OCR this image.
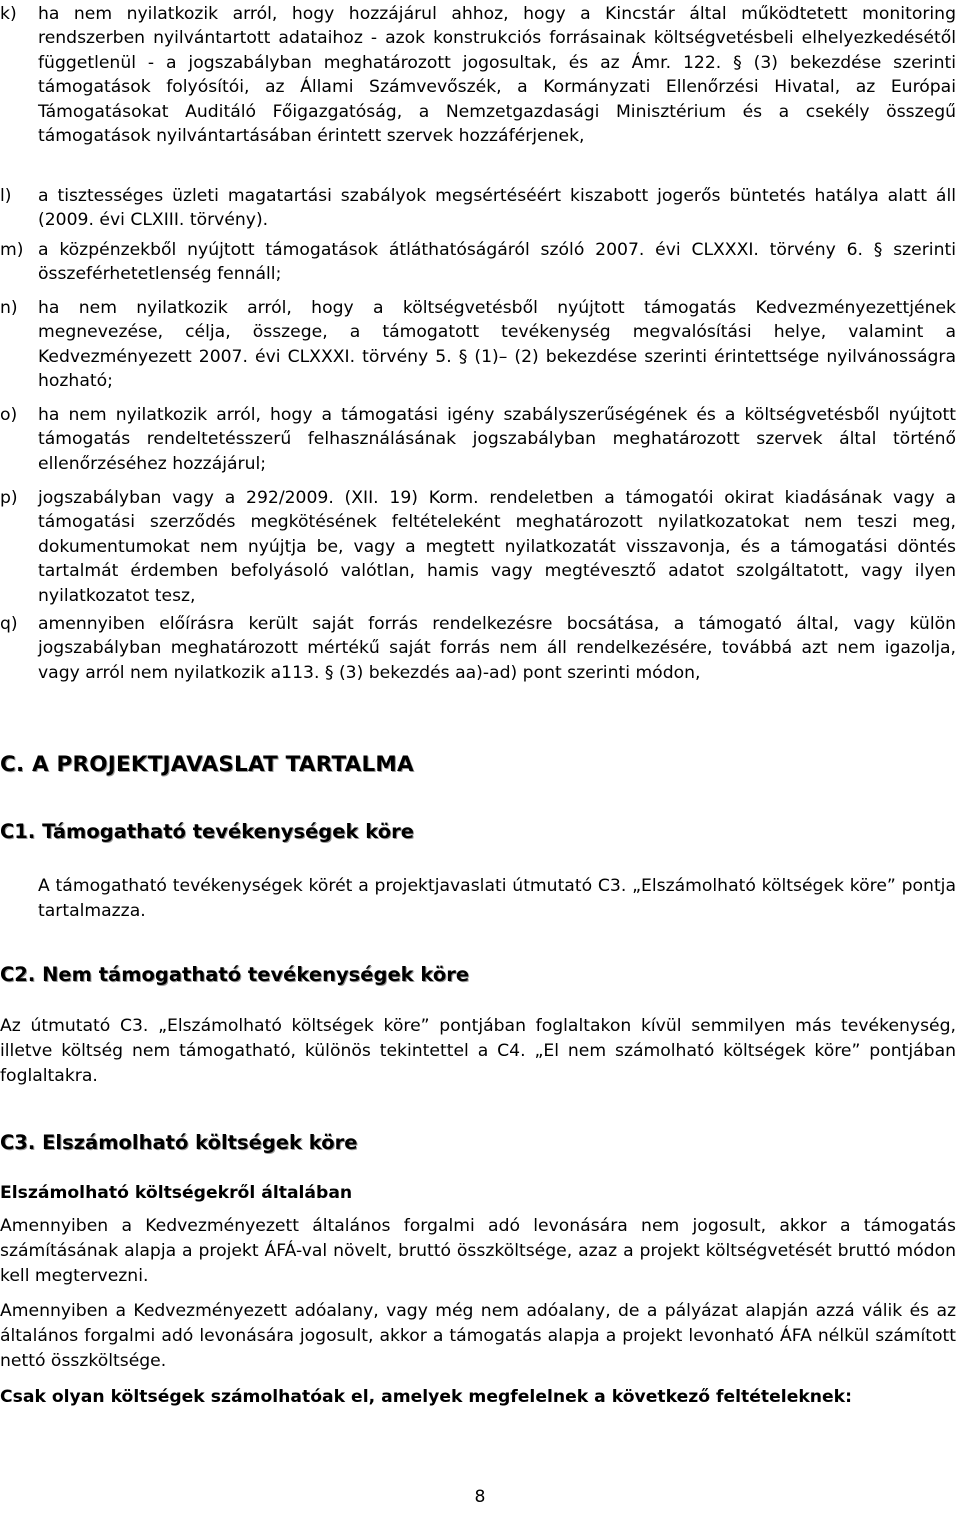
k) ha nem nyilatkozik arról, hogy hozzájárul ahhoz, hogy a Kincstár által működtetett monitoring rendszerben nyilvántartott adataihoz - azok konstrukciós forrásainak költségvetésbeli elhelyezkedésétől függetlenül - a jogszabályban meghatározott jogosultak, és az Ámr. 122. § (3) bekezdése szerinti támogatások folyósítói, az Állami Számvevőszék, a Kormányzati Ellenőrzési Hivatal, az Európai Támogatásokat Auditáló Főigazgatóság, a Nemzetgazdasági Minisztérium és a csekély összegű támogatások nyilvántartásában érintett szervek hozzáférjenek,
l) a tisztességes üzleti magatartási szabályok megsértéséért kiszabott jogerős büntetés hatálya alatt áll (2009. évi CLXIII. törvény).
m) a közpénzekből nyújtott támogatások átláthatóságáról szóló 2007. évi CLXXXI. törvény 6. § szerinti összeférhetetlenség fennáll;
n) ha nem nyilatkozik arról, hogy a költségvetésből nyújtott támogatás Kedvezményezettjének megnevezése, célja, összege, a támogatott tevékenység megvalósítási helye, valamint a Kedvezményezett 2007. évi CLXXXI. törvény 5. § (1)– (2) bekezdése szerinti érintettsége nyilvánosságra hozható;
o) ha nem nyilatkozik arról, hogy a támogatási igény szabályszerűségének és a költségvetésből nyújtott támogatás rendeltetésszerű felhasználásának jogszabályban meghatározott szervek által történő ellenőrzéséhez hozzájárul;
p) jogszabályban vagy a 292/2009. (XII. 19) Korm. rendeletben a támogatói okirat kiadásának vagy a támogatási szerződés megkötésének feltételeként meghatározott nyilatkozatokat nem teszi meg, dokumentumokat nem nyújtja be, vagy a megtett nyilatkozatát visszavonja, és a támogatási döntés tartalmát érdemben befolyásoló valótlan, hamis vagy megtévesztő adatot szolgáltatott, vagy ilyen nyilatkozatot tesz,
q) amennyiben előírásra került saját forrás rendelkezésre bocsátása, a támogató által, vagy külön jogszabályban meghatározott mértékű saját forrás nem áll rendelkezésére, továbbá azt nem igazolja, vagy arról nem nyilatkozik a113. § (3) bekezdés aa)-ad) pont szerinti módon,
C. A PROJEKTJAVASLAT TARTALMA
C1. Támogatható tevékenységek köre
A támogatható tevékenységek körét a projektjavaslati útmutató C3. „Elszámolható költségek köre” pontja tartalmazza.
C2. Nem támogatható tevékenységek köre
Az útmutató C3. „Elszámolható költségek köre” pontjában foglaltakon kívül semmilyen más tevékenység, illetve költség nem támogatható, különös tekintettel a C4. „El nem számolható költségek köre” pontjában foglaltakra.
C3. Elszámolható költségek köre
Elszámolható költségekről általában
Amennyiben a Kedvezményezett általános forgalmi adó levonására nem jogosult, akkor a támogatás számításának alapja a projekt ÁFÁ-val növelt, bruttó összköltsége, azaz a projekt költségvetését bruttó módon kell megtervezni.
Amennyiben a Kedvezményezett adóalany, vagy még nem adóalany, de a pályázat alapján azzá válik és az általános forgalmi adó levonására jogosult, akkor a támogatás alapja a projekt levonható ÁFA nélkül számított nettó összköltsége.
Csak olyan költségek számolhatóak el, amelyek megfelelnek a következő feltételeknek:
8
